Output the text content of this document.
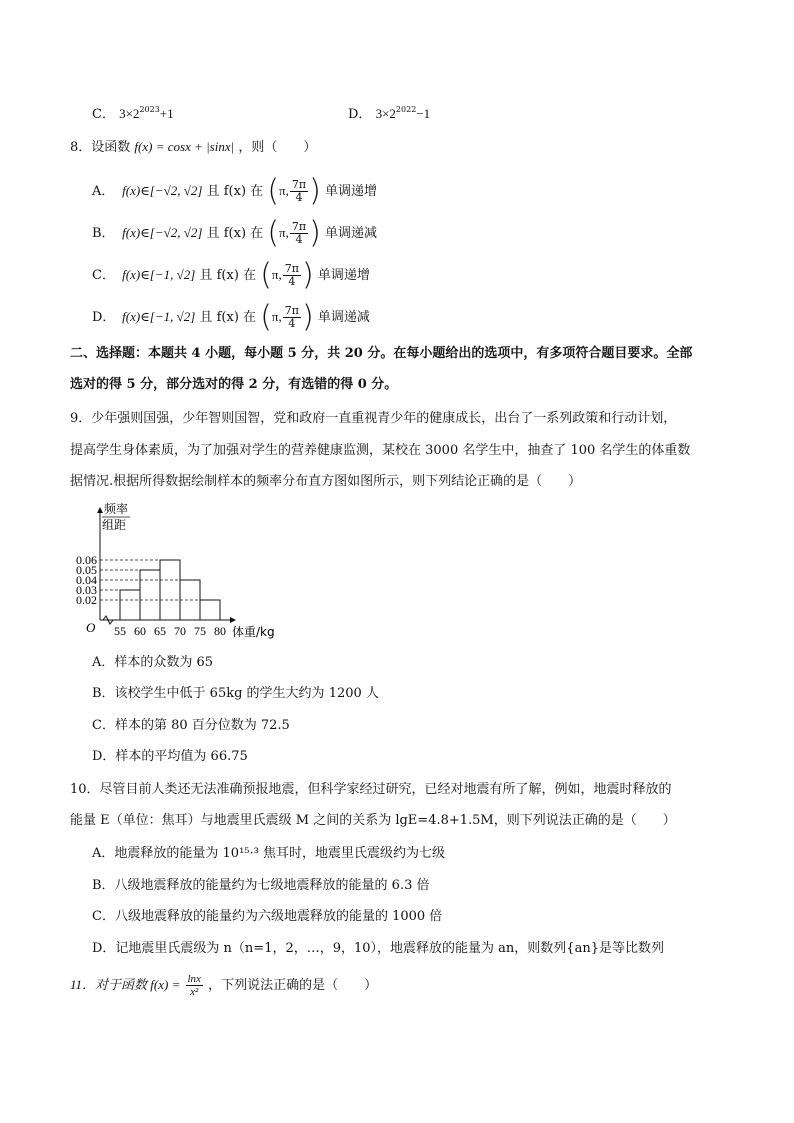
C． $3\times 2^{2023}+1$	D． $3\times 2^{2022}-1$
8．设函数 f(x) = cosx + |sinx| ，则（　　）
A． f(x)∈[−√2, √2] 且 f(x) 在 (π, $\frac{7\pi}{4}$ ) 单调递增
B． f(x)∈[−√2, √2] 且 f(x) 在 (π, $\frac{7\pi}{4}$ ) 单调递减
C． f(x)∈[−1, √2] 且 f(x) 在 (π, $\frac{7\pi}{4}$ ) 单调递增
D． f(x)∈[−1, √2] 且 f(x) 在 (π, $\frac{7\pi}{4}$ ) 单调递减
二、选择题：本题共 4 小题，每小题 5 分，共 20 分。在每小题给出的选项中，有多项符合题目要求。全部
选对的得 5 分，部分选对的得 2 分，有选错的得 0 分。
9．少年强则国强，少年智则国智，党和政府一直重视青少年的健康成长，出台了一系列政策和行动计划，
提高学生身体素质，为了加强对学生的营养健康监测，某校在 3000 名学生中，抽查了 100 名学生的体重数
据情况.根据所得数据绘制样本的频率分布直方图如图所示，则下列结论正确的是（　　）
O
频率
组距
体重/kg
0.06
0.05
0.04
0.03
0.02
55 60 65 70 75 80
A．样本的众数为 65
B．该校学生中低于 65kg 的学生大约为 1200 人
C．样本的第 80 百分位数为 72.5
D．样本的平均值为 66.75
10．尽管目前人类还无法准确预报地震，但科学家经过研究，已经对地震有所了解，例如，地震时释放的
能量 E（单位：焦耳）与地震里氏震级 M 之间的关系为 lgE=4.8+1.5M，则下列说法正确的是（　　）
A．地震释放的能量为 10¹⁵·³ 焦耳时，地震里氏震级约为七级
B．八级地震释放的能量约为七级地震释放的能量的 6.3 倍
C．八级地震释放的能量约为六级地震释放的能量的 1000 倍
D．记地震里氏震级为 n（n=1，2，…，9，10），地震释放的能量为 an，则数列{an}是等比数列
11．对于函数 $f(x) = \frac{\ln x}{\text{x²}}$ ，下列说法正确的是（　　）
